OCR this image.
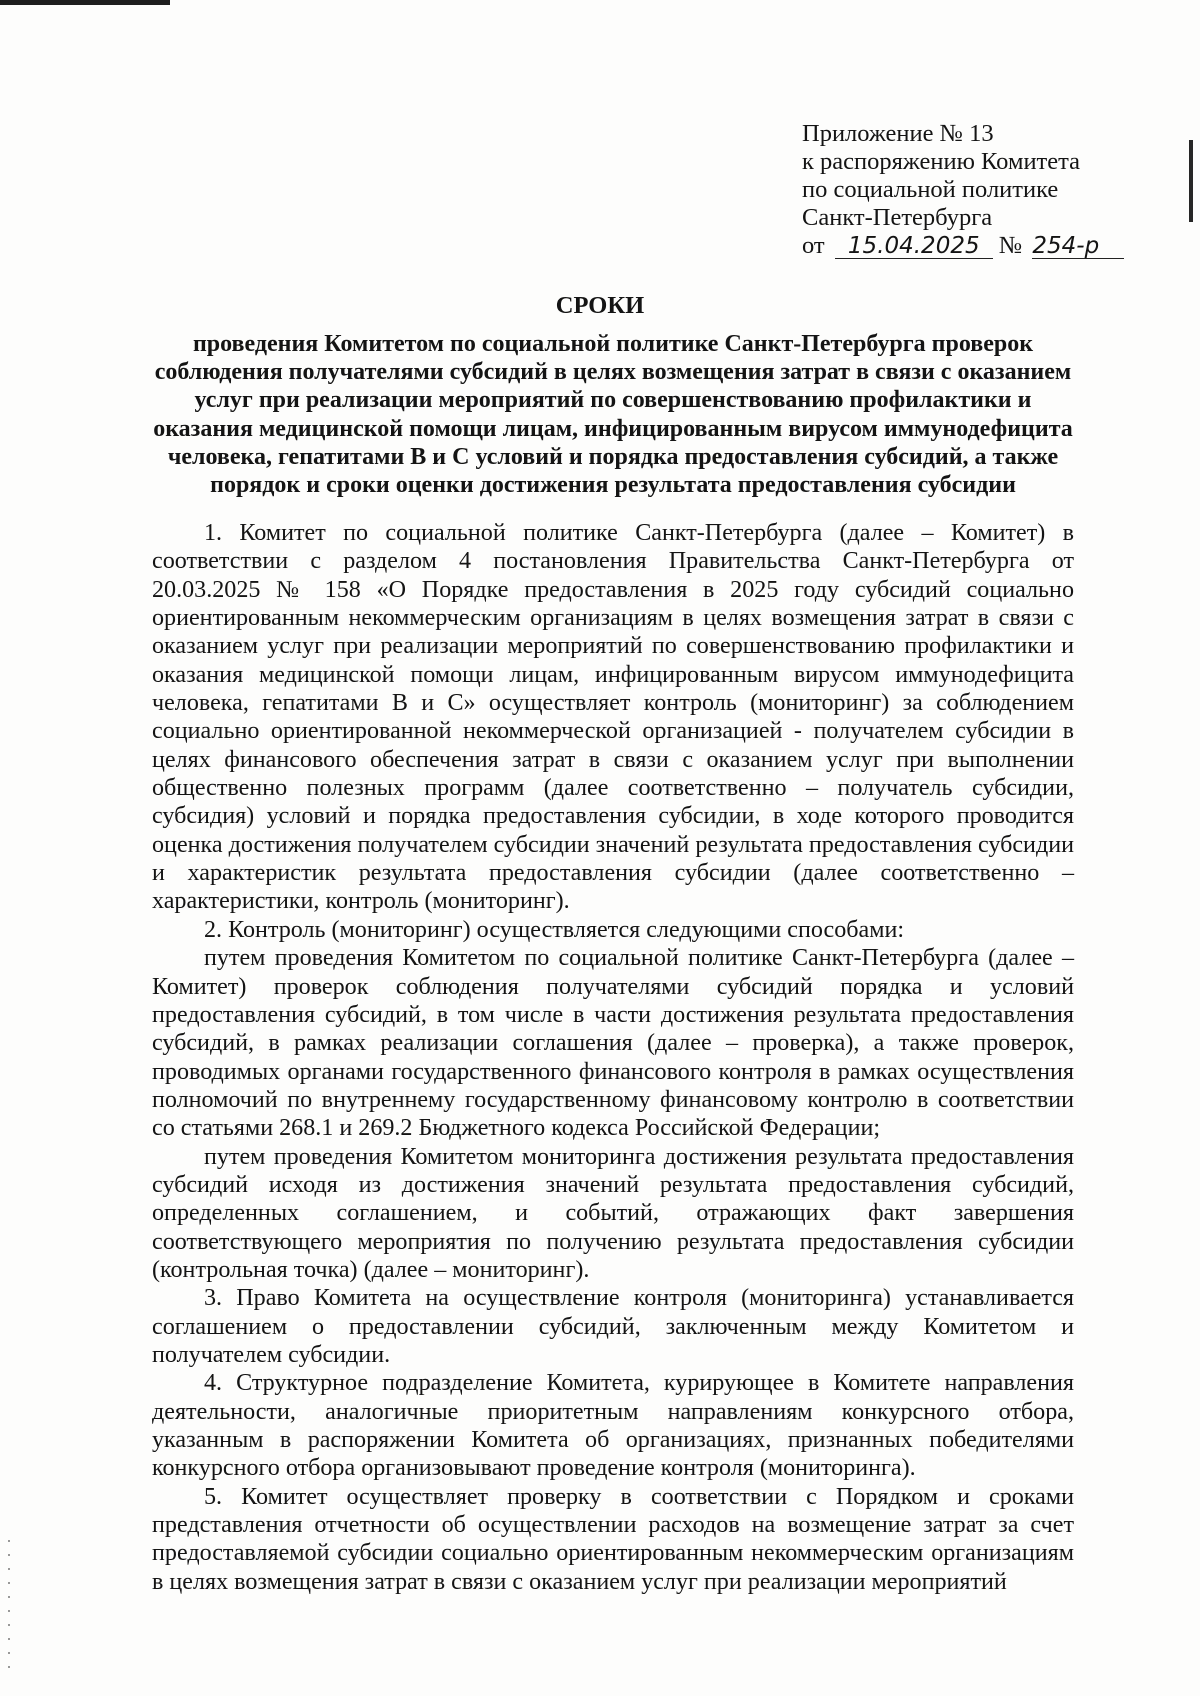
Приложение № 13
к распоряжению Комитета
по социальной политике
Санкт-Петербурга
от 15.04.2025 № 254-р
СРОКИ
проведения Комитетом по социальной политике Санкт-Петербурга проверок соблюдения получателями субсидий в целях возмещения затрат в связи с оказанием услуг при реализации мероприятий по совершенствованию профилактики и оказания медицинской помощи лицам, инфицированным вирусом иммунодефицита человека, гепатитами В и С условий и порядка предоставления субсидий, а также порядок и сроки оценки достижения результата предоставления субсидии

1. Комитет по социальной политике Санкт-Петербурга (далее – Комитет) в соответствии с разделом 4 постановления Правительства Санкт-Петербурга от 20.03.2025 № 158 «О Порядке предоставления в 2025 году субсидий социально ориентированным некоммерческим организациям в целях возмещения затрат в связи с оказанием услуг при реализации мероприятий по совершенствованию профилактики и оказания медицинской помощи лицам, инфицированным вирусом иммунодефицита человека, гепатитами В и С» осуществляет контроль (мониторинг) за соблюдением социально ориентированной некоммерческой организацией - получателем субсидии в целях финансового обеспечения затрат в связи с оказанием услуг при выполнении общественно полезных программ (далее соответственно – получатель субсидии, субсидия) условий и порядка предоставления субсидии, в ходе которого проводится оценка достижения получателем субсидии значений результата предоставления субсидии и характеристик результата предоставления субсидии (далее соответственно – характеристики, контроль (мониторинг).

2. Контроль (мониторинг) осуществляется следующими способами:

путем проведения Комитетом по социальной политике Санкт-Петербурга (далее – Комитет) проверок соблюдения получателями субсидий порядка и условий предоставления субсидий, в том числе в части достижения результата предоставления субсидий, в рамках реализации соглашения (далее – проверка), а также проверок, проводимых органами государственного финансового контроля в рамках осуществления полномочий по внутреннему государственному финансовому контролю в соответствии со статьями 268.1 и 269.2 Бюджетного кодекса Российской Федерации;

путем проведения Комитетом мониторинга достижения результата предоставления субсидий исходя из достижения значений результата предоставления субсидий, определенных соглашением, и событий, отражающих факт завершения соответствующего мероприятия по получению результата предоставления субсидии (контрольная точка) (далее – мониторинг).

3. Право Комитета на осуществление контроля (мониторинга) устанавливается соглашением о предоставлении субсидий, заключенным между Комитетом и получателем субсидии.

4. Структурное подразделение Комитета, курирующее в Комитете направления деятельности, аналогичные приоритетным направлениям конкурсного отбора, указанным в распоряжении Комитета об организациях, признанных победителями конкурсного отбора организовывают проведение контроля (мониторинга).

5. Комитет осуществляет проверку в соответствии с Порядком и сроками представления отчетности об осуществлении расходов на возмещение затрат за счет предоставляемой субсидии социально ориентированным некоммерческим организациям в целях возмещения затрат в связи с оказанием услуг при реализации мероприятий
